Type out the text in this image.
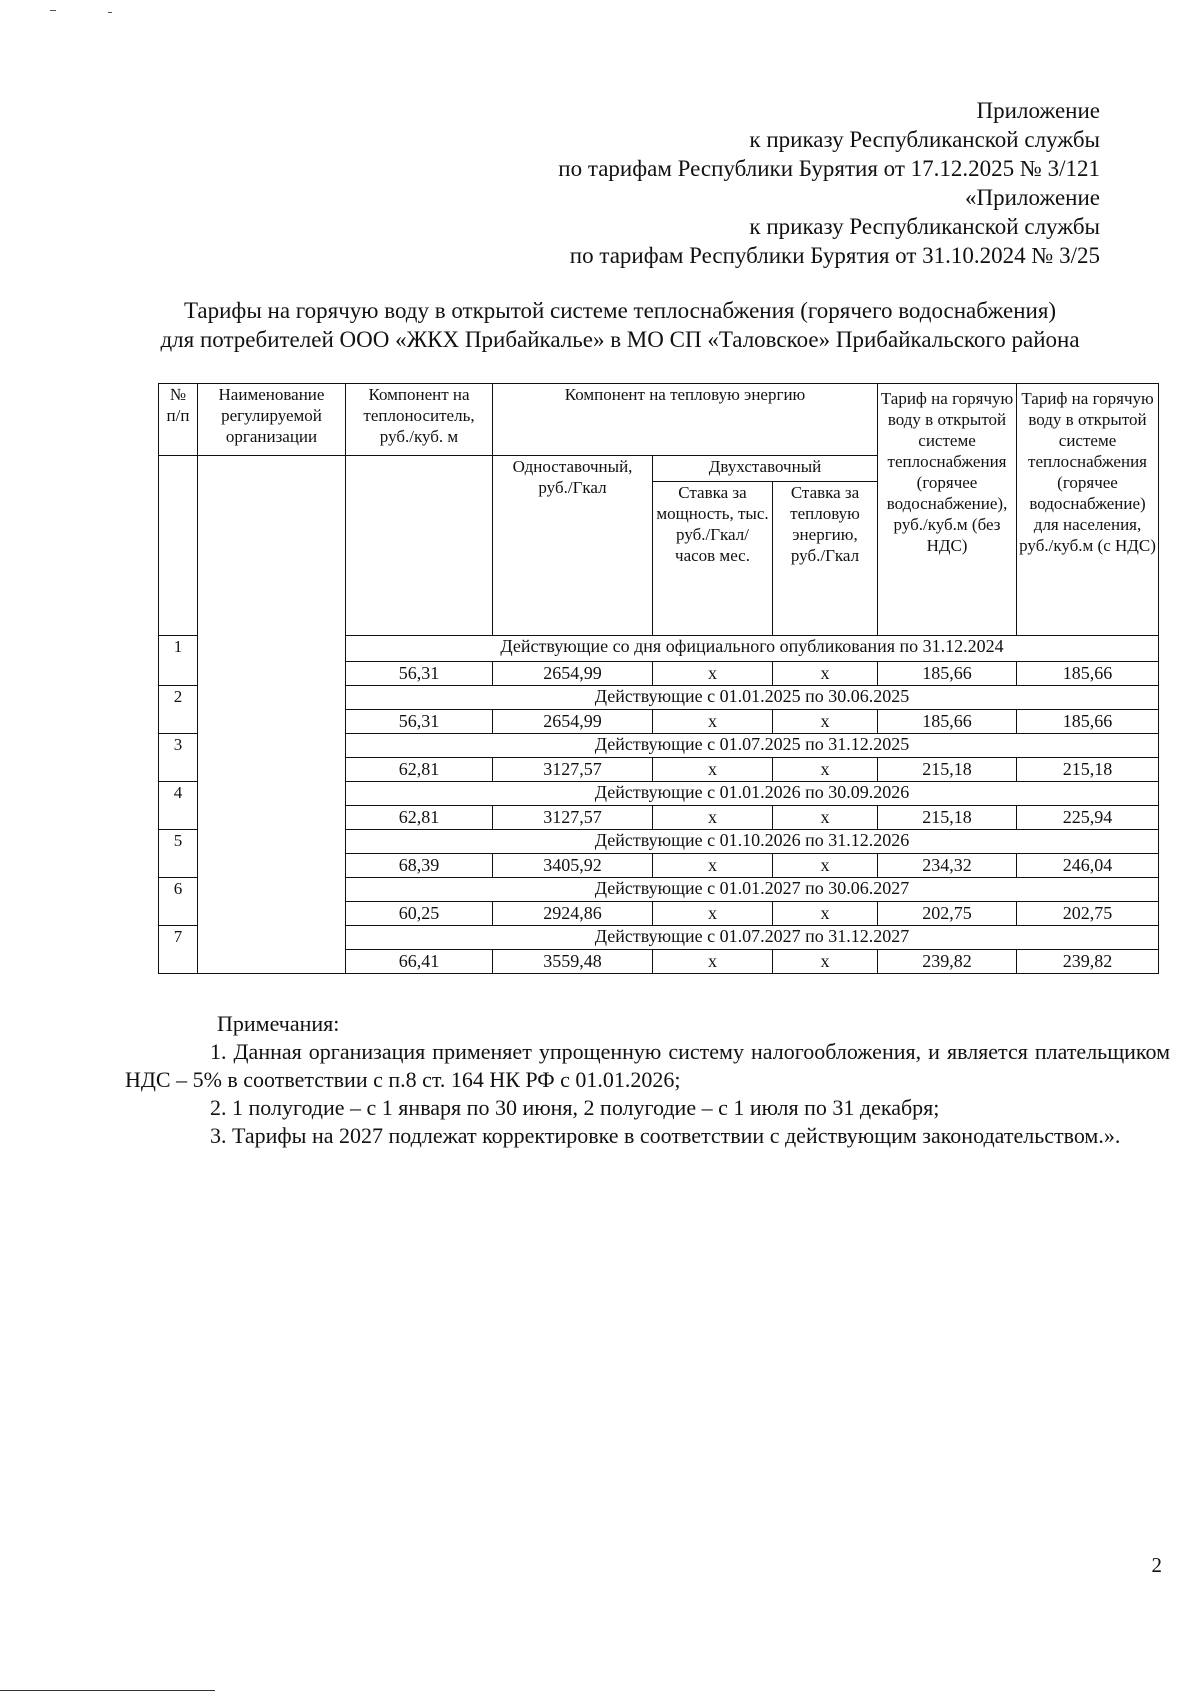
Приложение
к приказу Республиканской службы
по тарифам Республики Бурятия от 17.12.2025 № 3/121
«Приложение
к приказу Республиканской службы
по тарифам Республики Бурятия от 31.10.2024 № 3/25
Тарифы на горячую воду в открытой системе теплоснабжения (горячего водоснабжения)
для потребителей ООО «ЖКХ Прибайкалье» в МО СП «Таловское» Прибайкальского района
№ п/п	Наименование регулируемой организации	Компонент на теплоноситель, руб./куб. м	Компонент на тепловую энергию			Тариф на горячую воду в открытой системе теплоснабжения (горячее водоснабжение), руб./куб.м (без НДС)	Тариф на горячую воду в открытой системе теплоснабжения (горячее водоснабжение) для населения, руб./куб.м (с НДС)

		Одноставочный, руб./Гкал	Двухставочный			
				Ставка за мощность, тыс. руб./Гкал/ часов мес.	Ставка за тепловую энергию, руб./Гкал		
1		Действующие со дня официального опубликования по 31.12.2024					
		56,31	2654,99	х	х	185,66	185,66
2		Действующие с 01.01.2025 по 30.06.2025					
		56,31	2654,99	х	х	185,66	185,66
3		Действующие с 01.07.2025 по 31.12.2025					
		62,81	3127,57	х	х	215,18	215,18
4		Действующие с 01.01.2026 по 30.09.2026					
		62,81	3127,57	х	х	215,18	225,94
5		Действующие с 01.10.2026 по 31.12.2026					
		68,39	3405,92	х	х	234,32	246,04
6		Действующие с 01.01.2027 по 30.06.2027					
		60,25	2924,86	х	х	202,75	202,75
7		Действующие с 01.07.2027 по 31.12.2027					
		66,41	3559,48	х	х	239,82	239,82
Примечания:
1. Данная организация применяет упрощенную систему налогообложения, и является плательщиком НДС – 5% в соответствии с п.8 ст. 164 НК РФ с 01.01.2026;
2. 1 полугодие – с 1 января по 30 июня, 2 полугодие – с 1 июля по 31 декабря;
3. Тарифы на 2027 подлежат корректировке в соответствии с действующим законодательством.».
2
